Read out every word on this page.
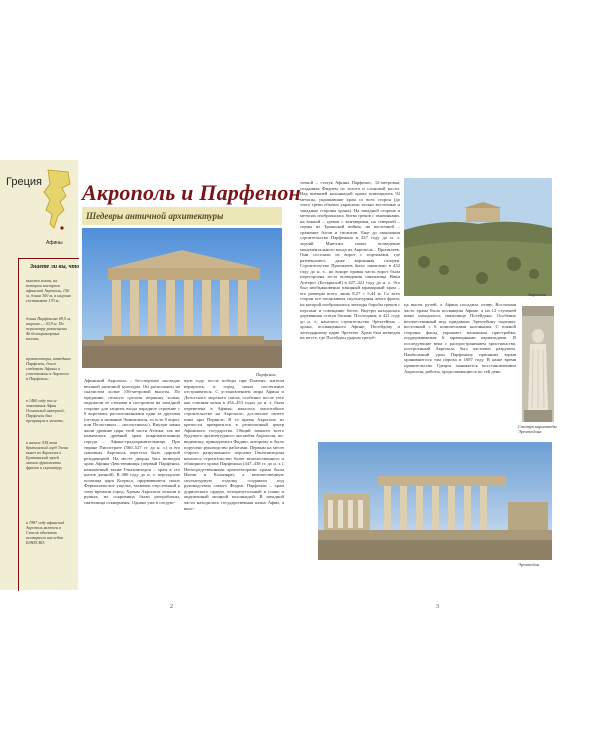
Греция
Афины
Знаете ли вы, что
высота холма, на котором построен афинский Акрополь, 156 м, длина 300 м, а ширина составляет 170 м;
длина Парфенона 69,5 м, ширина — 30,9 м. По периметру размещены 46 беломраморных колонн;
архитекторы, возведшие Парфенон, долго создавали Афины и участвовали в Акрополе и Парфенон;
в 1460 году после завоевания Афин Османской империей, Парфенон был превращен в мечеть;
в начале XIX века британский лорд Элгин вывез из Акрополя в Британский музей многие фрагменты фризов и скульптур;
в 1987 году афинский Акрополь включен в Список объектов всемирного наследия ЮНЕСКО.
Акрополь и Парфенон
Шедевры античной архитектуры
Парфенон
Афинский Акрополь – бесспертное наследие великой античной культуры. Он расположен на скалистом холме 156-метровой высоты. По преданию, пеласги срезали вершину холма, окружили ее стенами и построили на западной стороне для защиты входа парадное строение с 9 воротами, расположенными одни за другими (отсюда и название Эннеапилон, то есть 9 ворот, или Пеласгикон – «пеласгикон»). Внутри замка жили древние цари этой части Аттики, так же называлась древний храм покровительница города – Афина-градохранительница. При тиране Писистрате (560–527 гг. до н. э.) и его сыновьях Акрополь перестал быть царской резиденцией. На месте дворца был возведен храм Афины-Девственницы (первый Парфенон, называемый также Гекатомпедон – храм в сто шагов длиной). В 480 году до н. э. персидские полчища царя Ксеркса, прорвавшиеся своих Фермопильское ущелье, захвачен опустевший к тому времени город. Храмы Акрополя лежали в руинах, их сокровища были разграблены, святилища осквернены. Однако уже в следую-
щем году, после победы при Платеях, жители вернулись, и город начал постепенно отстраиваться. С установлением мира Афина и Делосского морского союза, особенно после того как союзная казна в 454–453 годах до н. э. была перевезена в Афины, началось масштабное строительство на Акрополе, достигшее своего пика при Перикле. В то время Акрополь из крепости превратился в религиозный центр Афинского государства. Общий замысел всего будущего архитектурного ансамбля Акрополя, по-видимому, принадлежал Фидию, которому и было поручено руководство работами. Первым на месте старого разрушенного персами Гекатомпедона началось строительство более величественного и обширного храма Парфенона (447–438 гг. до н. э.). Непосредственными архитекторами храма были Иктин и Калликрат, а величественную скульптурную отделку создавали под руководством самого Фидия. Парфенон – храм дорического ордера, четырехугольный в плане и окруженный мощной колоннадой. В западной части находилась государственная казна Афин, а внос-
2
точкой – статуя Афины Парфенос, 12-метровая, созданная Фидием из золота и слоновой кости. Над внешней колоннадой храма помещались 92 метопы, украшавшие храм со всех сторон (до этого греки обычно украшали только восточные и западные стороны храма). На западной стороне и метопах изображалась битва греков с амазонками, на южной – греков с кентаврами, на северной – сцены из Троянской войны, на восточной – сражение богов и гигантов. Еще до окончания строительства Парфенона в 437 году до н. э. зодчий Мнесикл начал возведение монументального входа на Акрополь – Пропилеев. Они состояли из ворот с портиками, где размещались даже картинная галерея. Строительство Пропилеев было закончено в 432 году до н. э., но вскоре правая часть ворот была перестроена из-за возведения святилища Ники Аптерос (Бескрылой) в 427–421 году до н. э. Это был необыкновенно изящный мраморный храм – его размеры всего лишь 8,27 × 5,44 м. Со всех сторон его опоясывала скульптурная лента фриза, на которой изображались эпизоды борьбы греков с персами и совещание богов. Внутри находилась деревянная статуя богини. Последним, в 421 году до н. э., началось строительство Эрехтейона – храма, посвященного Афине, Посейдону и легендарному царю Эрехтею. Храм был возведен на месте, где Посейдон ударом трезуб-
Акрополь
ца высек ручей, а Афина посадила оливу. Восточная часть храма была посвящена Афине, а на 12 ступеней ниже находилось святилище Посейдона. Особенно величественный вид придавали Эрехтейону портики: восточный с 6 ионическими колоннами. С южной стороны фасад украшает маленькая пристройка, поддерживаемая 6 мраморными кариатидами. В последующие века с распространением христианства, построенный Акрополь был частично разрушен. Наибольший урон Парфенону причинил взрыв хранившегося там пороха в 1687 году. В наше время правительство Греции занимается восстановлением Акрополя, работы, продолжающиеся по сей день.
Статуя кариатиды Эрехтейона
Эрехтейон
3
